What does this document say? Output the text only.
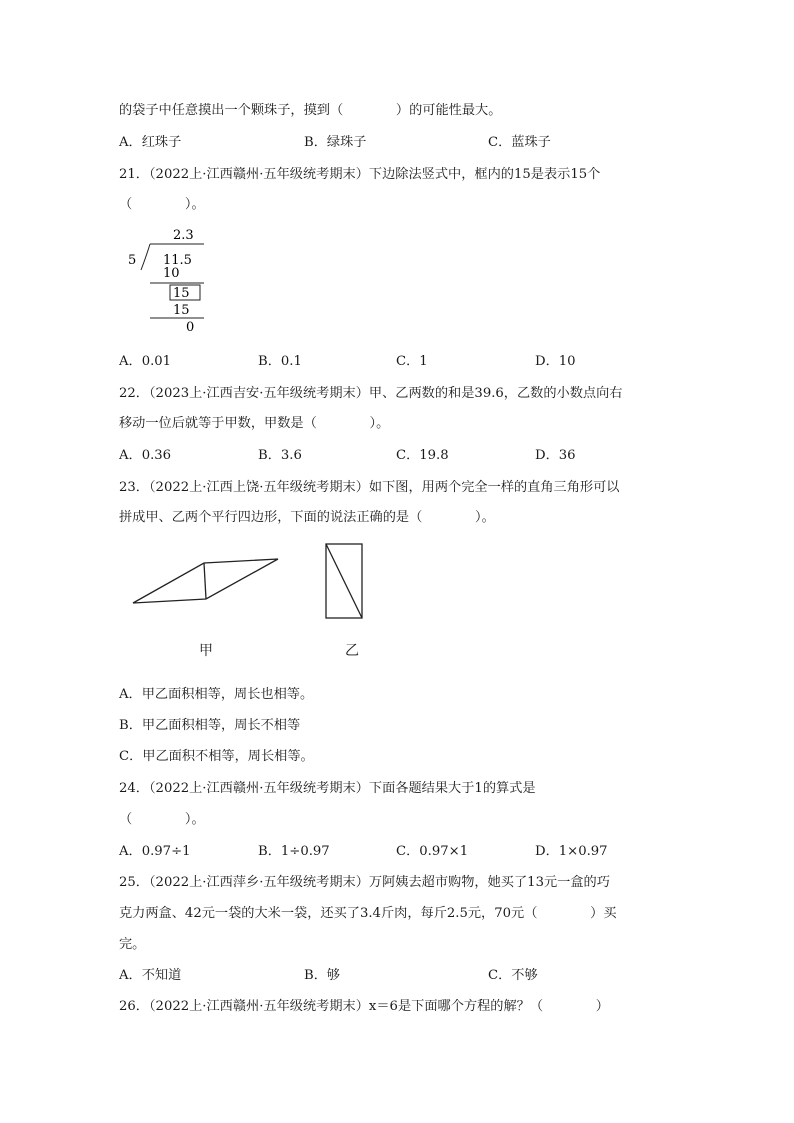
的袋子中任意摸出一个颗珠子，摸到（　　　　）的可能性最大。
A．红珠子	B．绿珠子	C．蓝珠子
21．（2022上·江西赣州·五年级统考期末）下边除法竖式中，框内的15是表示15个
（　　　　）。
2.3
5 11.5
10
15
15
0
A．0.01	B．0.1	C．1	D．10
22．（2023上·江西吉安·五年级统考期末）甲、乙两数的和是39.6，乙数的小数点向右
移动一位后就等于甲数，甲数是（　　　　）。
A．0.36	B．3.6	C．19.8	D．36
23．（2022上·江西上饶·五年级统考期末）如下图，用两个完全一样的直角三角形可以
拼成甲、乙两个平行四边形，下面的说法正确的是（　　　　）。
甲	乙
A．甲乙面积相等，周长也相等。
B．甲乙面积相等，周长不相等
C．甲乙面积不相等，周长相等。
24．（2022上·江西赣州·五年级统考期末）下面各题结果大于1的算式是
（　　　　）。
A．0.97÷1	B．1÷0.97	C．0.97×1	D．1×0.97
25．（2022上·江西萍乡·五年级统考期末）万阿姨去超市购物，她买了13元一盒的巧
克力两盒、42元一袋的大米一袋，还买了3.4斤肉，每斤2.5元，70元（　　　　）买
完。
A．不知道	B．够	C．不够
26．（2022上·江西赣州·五年级统考期末）x＝6是下面哪个方程的解？（　　　　）
